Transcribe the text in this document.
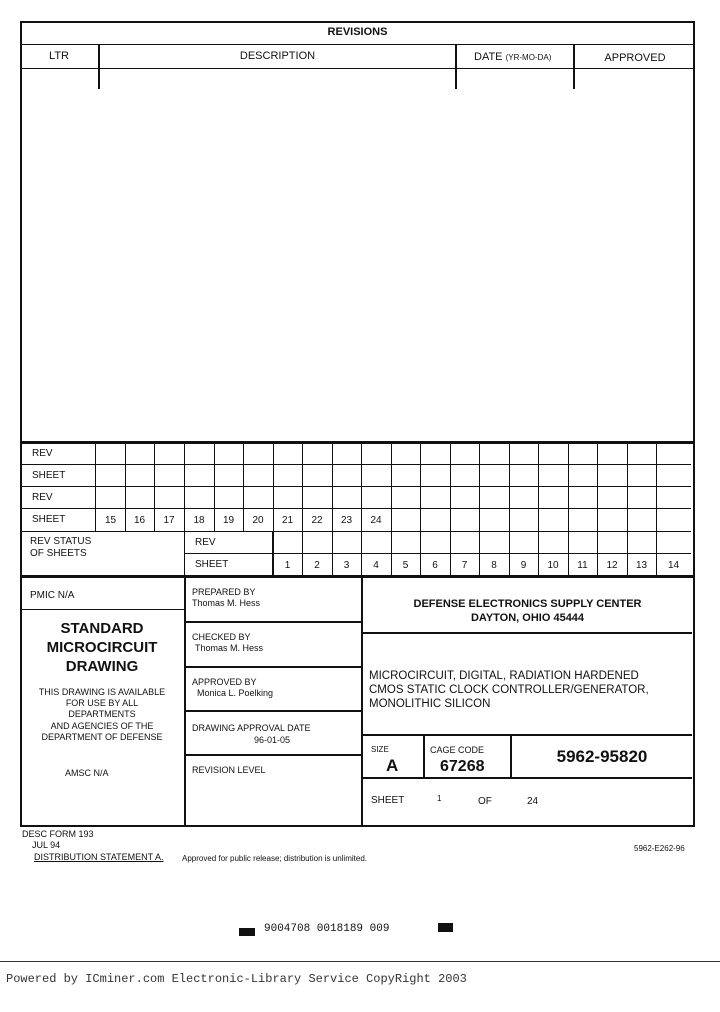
REVISIONS
LTR	DESCRIPTION	DATE (YR-MO-DA)	APPROVED
REV
SHEET
REV
SHEET	15	16	17	18	19	20	21	22	23	24
REV STATUS
OF SHEETS
REV
SHEET	1	2	3	4	5	6	7	8	9	10	11	12	13	14
PMIC N/A
STANDARD
MICROCIRCUIT
DRAWING
THIS DRAWING IS AVAILABLE
FOR USE BY ALL
DEPARTMENTS
AND AGENCIES OF THE
DEPARTMENT OF DEFENSE
AMSC N/A
PREPARED BY
Thomas M. Hess
CHECKED BY
Thomas M. Hess
APPROVED BY
Monica L. Poelking
DRAWING APPROVAL DATE
96-01-05
REVISION LEVEL
DEFENSE ELECTRONICS SUPPLY CENTER
DAYTON, OHIO 45444
MICROCIRCUIT, DIGITAL, RADIATION HARDENED
CMOS STATIC CLOCK CONTROLLER/GENERATOR,
MONOLITHIC SILICON
SIZE
A
CAGE CODE
67268
5962-95820
SHEET	1	OF	24
DESC FORM 193
JUL 94
DISTRIBUTION STATEMENT A. Approved for public release; distribution is unlimited.
5962-E262-96
9004708 0018189 009
Powered by ICminer.com Electronic-Library Service CopyRight 2003
